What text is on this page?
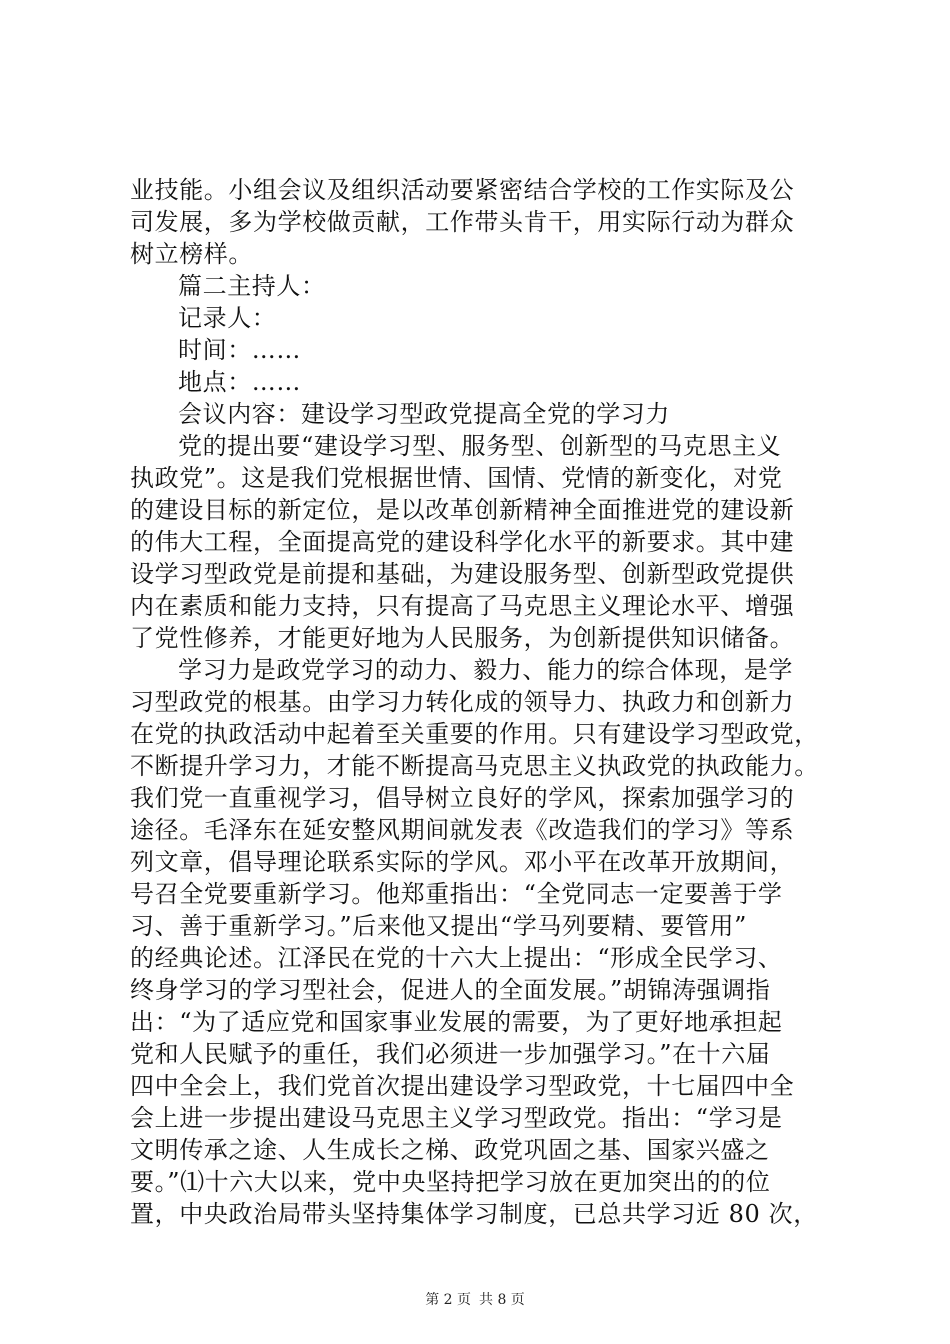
业技能。小组会议及组织活动要紧密结合学校的工作实际及公
司发展，多为学校做贡献，工作带头肯干，用实际行动为群众
树立榜样。
篇二主持人：
记录人：
时间：……
地点：……
会议内容：建设学习型政党提高全党的学习力
党的提出要“建设学习型、服务型、创新型的马克思主义
执政党”。这是我们党根据世情、国情、党情的新变化，对党
的建设目标的新定位，是以改革创新精神全面推进党的建设新
的伟大工程，全面提高党的建设科学化水平的新要求。其中建
设学习型政党是前提和基础，为建设服务型、创新型政党提供
内在素质和能力支持，只有提高了马克思主义理论水平、增强
了党性修养，才能更好地为人民服务，为创新提供知识储备。
学习力是政党学习的动力、毅力、能力的综合体现，是学
习型政党的根基。由学习力转化成的领导力、执政力和创新力
在党的执政活动中起着至关重要的作用。只有建设学习型政党，
不断提升学习力，才能不断提高马克思主义执政党的执政能力。
我们党一直重视学习，倡导树立良好的学风，探索加强学习的
途径。毛泽东在延安整风期间就发表《改造我们的学习》等系
列文章，倡导理论联系实际的学风。邓小平在改革开放期间，
号召全党要重新学习。他郑重指出：“全党同志一定要善于学
习、善于重新学习。”后来他又提出“学马列要精、要管用”
的经典论述。江泽民在党的十六大上提出：“形成全民学习、
终身学习的学习型社会，促进人的全面发展。”胡锦涛强调指
出：“为了适应党和国家事业发展的需要，为了更好地承担起
党和人民赋予的重任，我们必须进一步加强学习。”在十六届
四中全会上，我们党首次提出建设学习型政党，十七届四中全
会上进一步提出建设马克思主义学习型政党。指出：“学习是
文明传承之途、人生成长之梯、政党巩固之基、国家兴盛之
要。”⑴十六大以来，党中央坚持把学习放在更加突出的的位
置，中央政治局带头坚持集体学习制度，已总共学习近 80 次，
第 2 页 共 8 页
